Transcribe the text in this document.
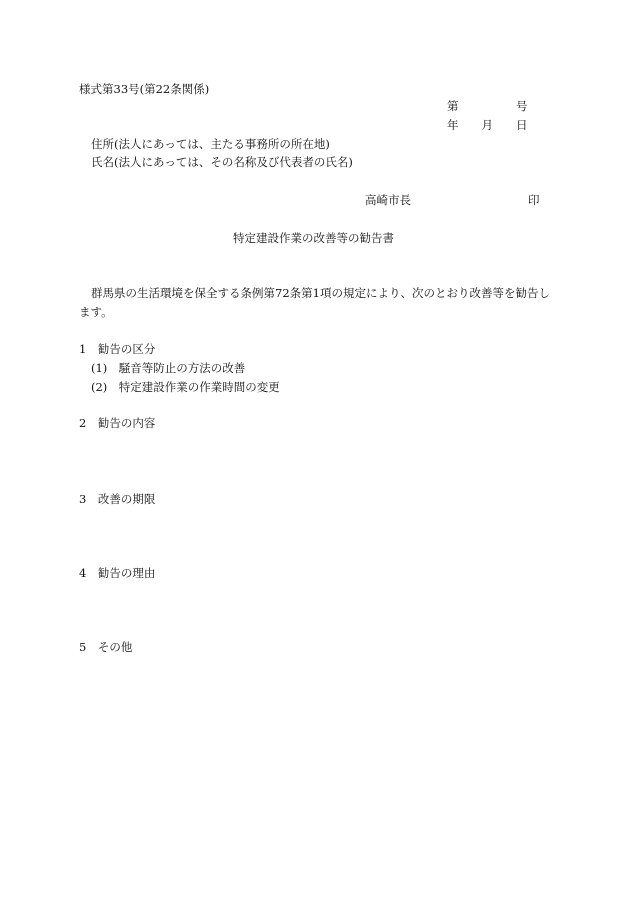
様式第33号(第22条関係)
第　　　　　号
年　　月　　日
住所(法人にあっては、主たる事務所の所在地)
氏名(法人にあっては、その名称及び代表者の氏名)
高崎市長	印
特定建設作業の改善等の勧告書
群馬県の生活環境を保全する条例第72条第1項の規定により、次のとおり改善等を勧告します。
1　勧告の区分
(1)　騒音等防止の方法の改善
(2)　特定建設作業の作業時間の変更
2　勧告の内容
3　改善の期限
4　勧告の理由
5　その他
